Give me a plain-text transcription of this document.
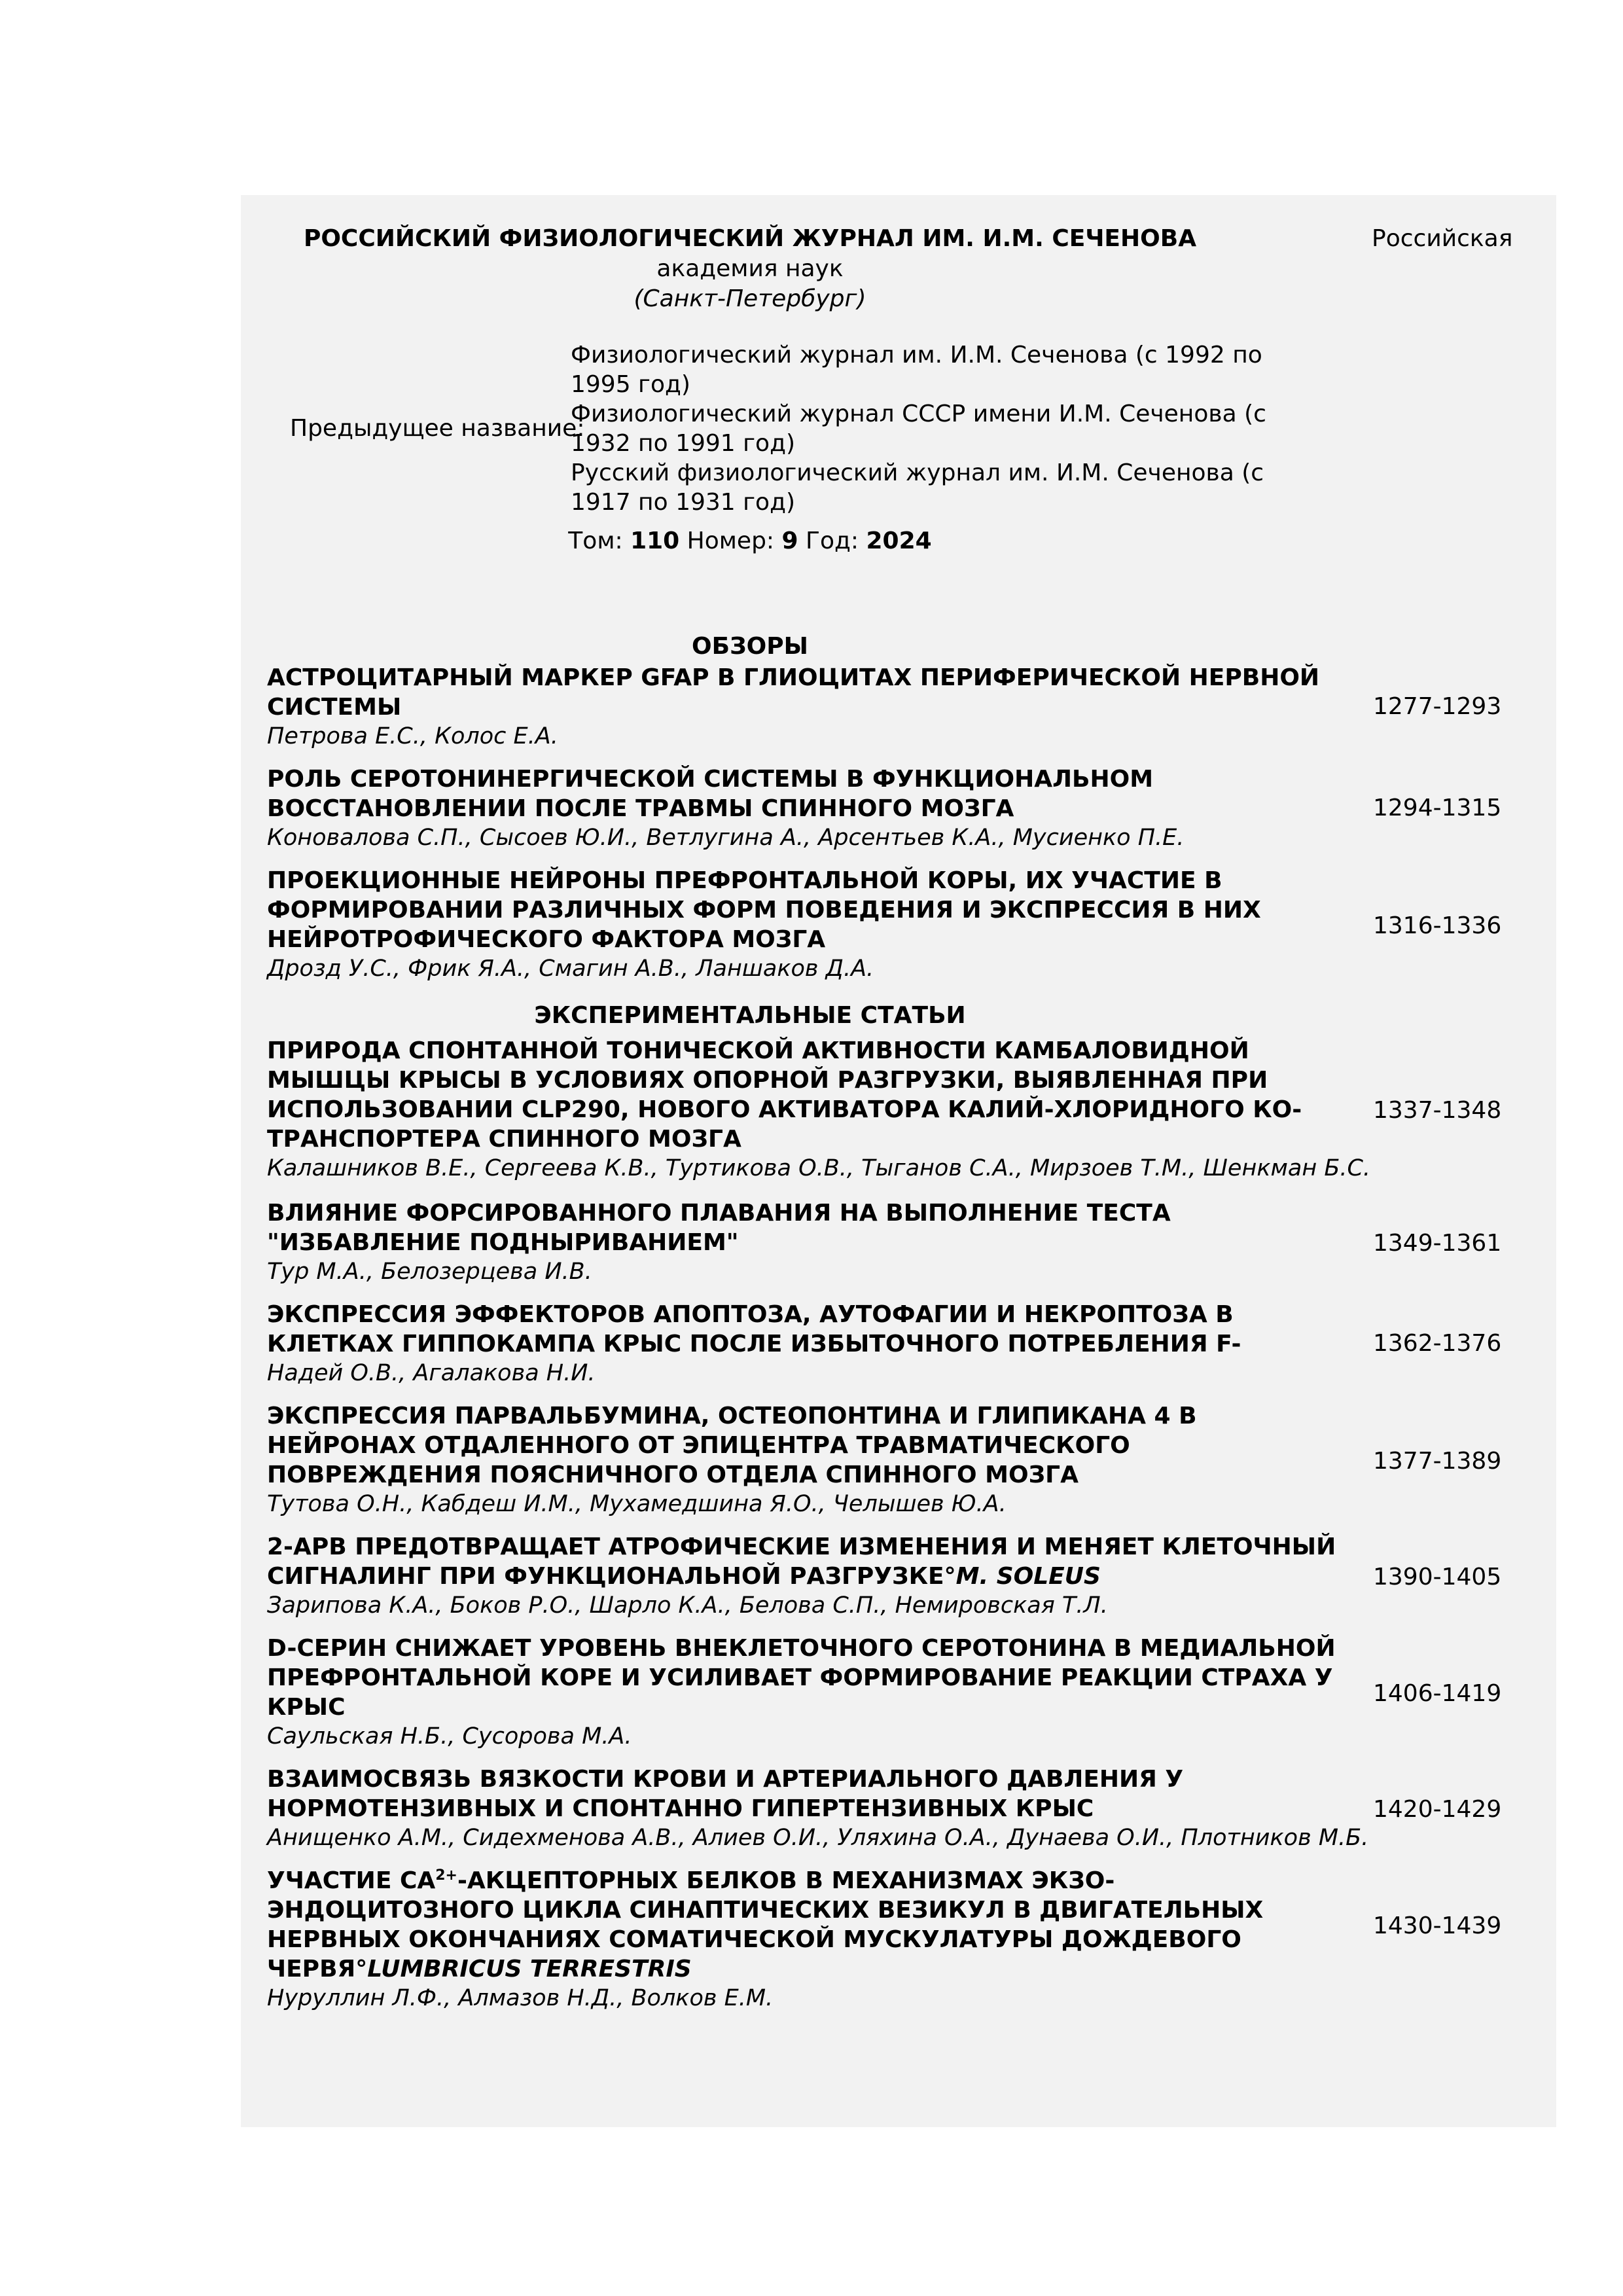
РОССИЙСКИЙ ФИЗИОЛОГИЧЕСКИЙ ЖУРНАЛ ИМ. И.М. СЕЧЕНОВА	Российская
академия наук
(Санкт-Петербург)
Предыдущее название:
Физиологический журнал им. И.М. Сеченова (с 1992 по 1995 год)
Физиологический журнал СССР имени И.М. Сеченова (с 1932 по 1991 год)
Русский физиологический журнал им. И.М. Сеченова (с 1917 по 1931 год)
Том: 110 Номер: 9 Год: 2024
ОБЗОРЫ
АСТРОЦИТАРНЫЙ МАРКЕР GFAP В ГЛИОЦИТАХ ПЕРИФЕРИЧЕСКОЙ НЕРВНОЙ СИСТЕМЫ
Петрова Е.С., Колос Е.А.
1277-1293
РОЛЬ СЕРОТОНИНЕРГИЧЕСКОЙ СИСТЕМЫ В ФУНКЦИОНАЛЬНОМ ВОССТАНОВЛЕНИИ ПОСЛЕ ТРАВМЫ СПИННОГО МОЗГА
Коновалова С.П., Сысоев Ю.И., Ветлугина А., Арсентьев К.А., Мусиенко П.Е.
1294-1315
ПРОЕКЦИОННЫЕ НЕЙРОНЫ ПРЕФРОНТАЛЬНОЙ КОРЫ, ИХ УЧАСТИЕ В ФОРМИРОВАНИИ РАЗЛИЧНЫХ ФОРМ ПОВЕДЕНИЯ И ЭКСПРЕССИЯ В НИХ НЕЙРОТРОФИЧЕСКОГО ФАКТОРА МОЗГА
Дрозд У.С., Фрик Я.А., Смагин А.В., Ланшаков Д.А.
1316-1336
ЭКСПЕРИМЕНТАЛЬНЫЕ СТАТЬИ
ПРИРОДА СПОНТАННОЙ ТОНИЧЕСКОЙ АКТИВНОСТИ КАМБАЛОВИДНОЙ МЫШЦЫ КРЫСЫ В УСЛОВИЯХ ОПОРНОЙ РАЗГРУЗКИ, ВЫЯВЛЕННАЯ ПРИ ИСПОЛЬЗОВАНИИ CLP290, НОВОГО АКТИВАТОРА КАЛИЙ-ХЛОРИДНОГО КО-ТРАНСПОРТЕРА СПИННОГО МОЗГА
Калашников В.Е., Сергеева К.В., Туртикова О.В., Тыганов С.А., Мирзоев Т.М., Шенкман Б.С.
1337-1348
ВЛИЯНИЕ ФОРСИРОВАННОГО ПЛАВАНИЯ НА ВЫПОЛНЕНИЕ ТЕСТА "ИЗБАВЛЕНИЕ ПОДНЫРИВАНИЕМ"
Тур М.А., Белозерцева И.В.
1349-1361
ЭКСПРЕССИЯ ЭФФЕКТОРОВ АПОПТОЗА, АУТОФАГИИ И НЕКРОПТОЗА В КЛЕТКАХ ГИППОКАМПА КРЫС ПОСЛЕ ИЗБЫТОЧНОГО ПОТРЕБЛЕНИЯ F-
Надей О.В., Агалакова Н.И.
1362-1376
ЭКСПРЕССИЯ ПАРВАЛЬБУМИНА, ОСТЕОПОНТИНА И ГЛИПИКАНА 4 В НЕЙРОНАХ ОТДАЛЕННОГО ОТ ЭПИЦЕНТРА ТРАВМАТИЧЕСКОГО ПОВРЕЖДЕНИЯ ПОЯСНИЧНОГО ОТДЕЛА СПИННОГО МОЗГА
Тутова О.Н., Кабдеш И.М., Мухамедшина Я.О., Челышев Ю.А.
1377-1389
2-APB ПРЕДОТВРАЩАЕТ АТРОФИЧЕСКИЕ ИЗМЕНЕНИЯ И МЕНЯЕТ КЛЕТОЧНЫЙ СИГНАЛИНГ ПРИ ФУНКЦИОНАЛЬНОЙ РАЗГРУЗКЕ°M. SOLEUS
Зарипова К.А., Боков Р.О., Шарло К.А., Белова С.П., Немировская Т.Л.
1390-1405
D-СЕРИН СНИЖАЕТ УРОВЕНЬ ВНЕКЛЕТОЧНОГО СЕРОТОНИНА В МЕДИАЛЬНОЙ ПРЕФРОНТАЛЬНОЙ КОРЕ И УСИЛИВАЕТ ФОРМИРОВАНИЕ РЕАКЦИИ СТРАХА У КРЫС
Саульская Н.Б., Сусорова М.А.
1406-1419
ВЗАИМОСВЯЗЬ ВЯЗКОСТИ КРОВИ И АРТЕРИАЛЬНОГО ДАВЛЕНИЯ У НОРМОТЕНЗИВНЫХ И СПОНТАННО ГИПЕРТЕНЗИВНЫХ КРЫС
Анищенко А.М., Сидехменова А.В., Алиев О.И., Уляхина О.А., Дунаева О.И., Плотников М.Б.
1420-1429
УЧАСТИЕ $CA^{2+}$-АКЦЕПТОРНЫХ БЕЛКОВ В МЕХАНИЗМАХ ЭКЗО-ЭНДОЦИТОЗНОГО ЦИКЛА СИНАПТИЧЕСКИХ ВЕЗИКУЛ В ДВИГАТЕЛЬНЫХ НЕРВНЫХ ОКОНЧАНИЯХ СОМАТИЧЕСКОЙ МУСКУЛАТУРЫ ДОЖДЕВОГО ЧЕРВЯ°LUMBRICUS TERRESTRIS
Нуруллин Л.Ф., Алмазов Н.Д., Волков Е.М.
1430-1439
